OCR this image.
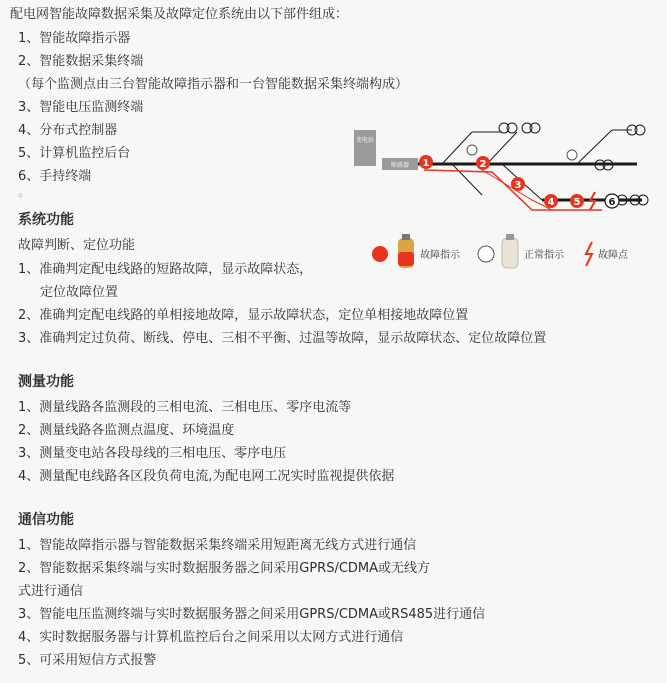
配电网智能故障数据采集及故障定位系统由以下部件组成：
1、智能故障指示器
2、智能数据采集终端
（每个监测点由三台智能故障指示器和一台智能数据采集终端构成）
3、智能电压监测终端
4、分布式控制器
5、计算机监控后台
6、手持终端
。
系统功能
故障判断、定位功能
1、准确判定配电线路的短路故障，显示故障状态，
定位故障位置
2、准确判定配电线路的单相接地故障，显示故障状态，定位单相接地故障位置
3、准确判定过负荷、断线、停电、三相不平衡、过温等故障，显示故障状态、定位故障位置
测量功能
1、测量线路各监测段的三相电流、三相电压、零序电流等
2、测量线路各监测点温度、环境温度
3、测量变电站各段母线的三相电压、零序电压
4、测量配电线路各区段负荷电流,为配电网工况实时监视提供依据
通信功能
1、智能故障指示器与智能数据采集终端采用短距离无线方式进行通信
2、智能数据采集终端与实时数据服务器之间采用GPRS/CDMA或无线方
式进行通信
3、智能电压监测终端与实时数据服务器之间采用GPRS/CDMA或RS485进行通信
4、实时数据服务器与计算机监控后台之间采用以太网方式进行通信
5、可采用短信方式报警
变电站
断路器 1	2
3
4 5	6
故障指示	正常指示	故障点
